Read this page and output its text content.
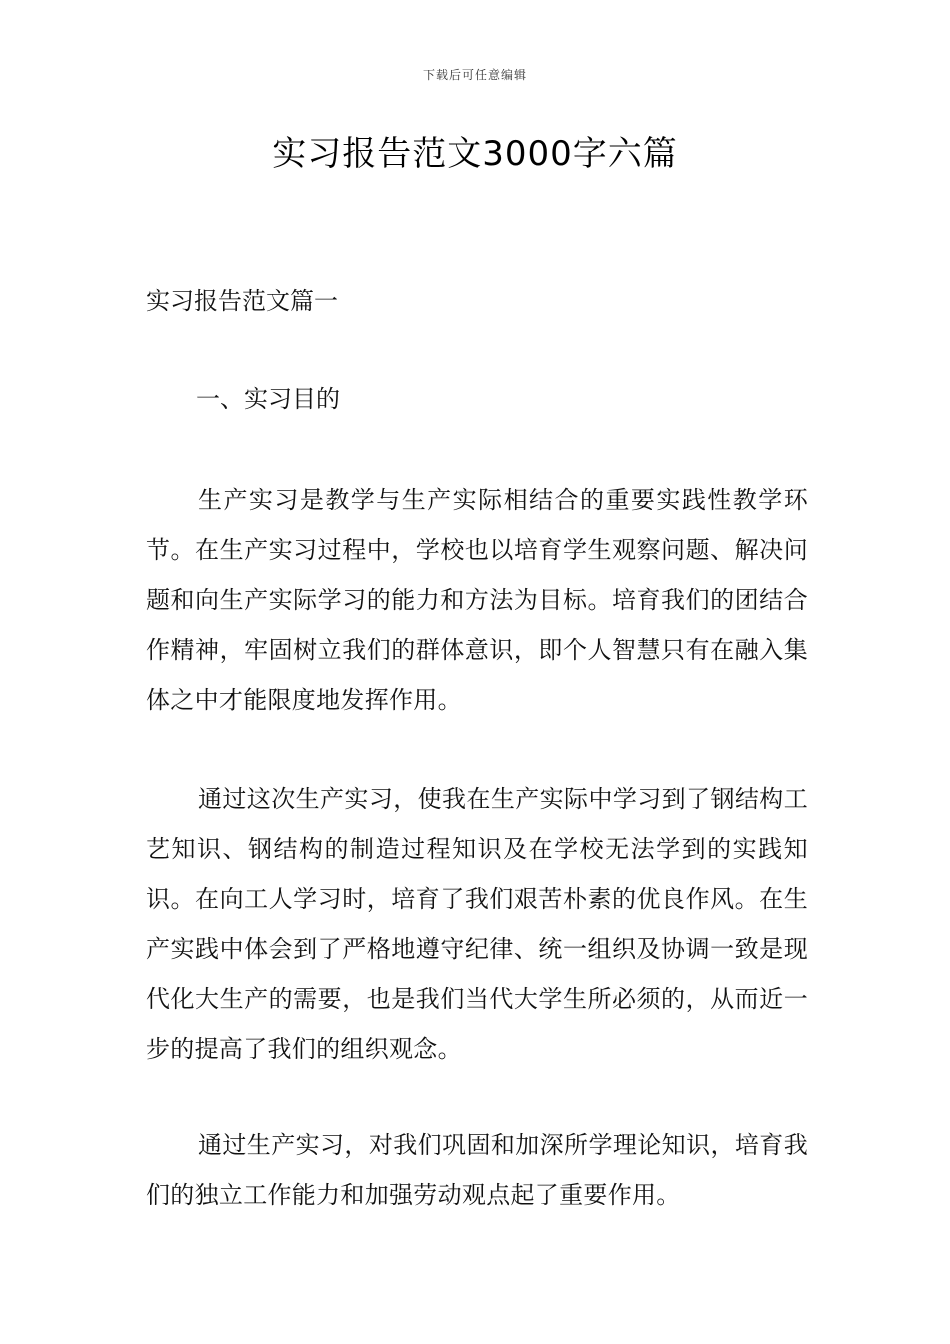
下载后可任意编辑
实习报告范文3000字六篇

实习报告范文篇一

一、实习目的

生产实习是教学与生产实际相结合的重要实践性教学环节。在生产实习过程中，学校也以培育学生观察问题、解决问题和向生产实际学习的能力和方法为目标。培育我们的团结合作精神，牢固树立我们的群体意识，即个人智慧只有在融入集体之中才能限度地发挥作用。

通过这次生产实习，使我在生产实际中学习到了钢结构工艺知识、钢结构的制造过程知识及在学校无法学到的实践知识。在向工人学习时，培育了我们艰苦朴素的优良作风。在生产实践中体会到了严格地遵守纪律、统一组织及协调一致是现代化大生产的需要，也是我们当代大学生所必须的，从而近一步的提高了我们的组织观念。

通过生产实习，对我们巩固和加深所学理论知识，培育我们的独立工作能力和加强劳动观点起了重要作用。
